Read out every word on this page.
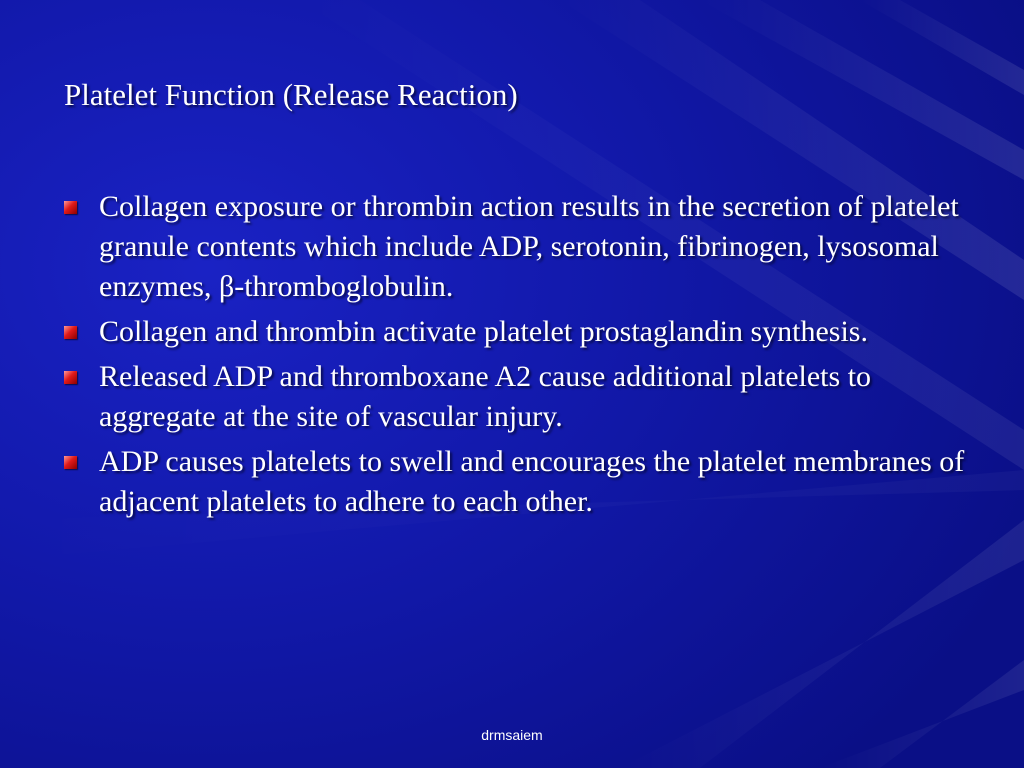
Platelet Function (Release Reaction)
Collagen exposure or thrombin action results in the secretion of platelet granule contents which include ADP, serotonin, fibrinogen, lysosomal enzymes, β-thromboglobulin.
Collagen and thrombin activate platelet prostaglandin synthesis.
Released ADP and thromboxane A2 cause additional platelets to aggregate at the site of vascular injury.
ADP causes platelets to swell and encourages the platelet membranes of adjacent platelets to adhere to each other.
drmsaiem
